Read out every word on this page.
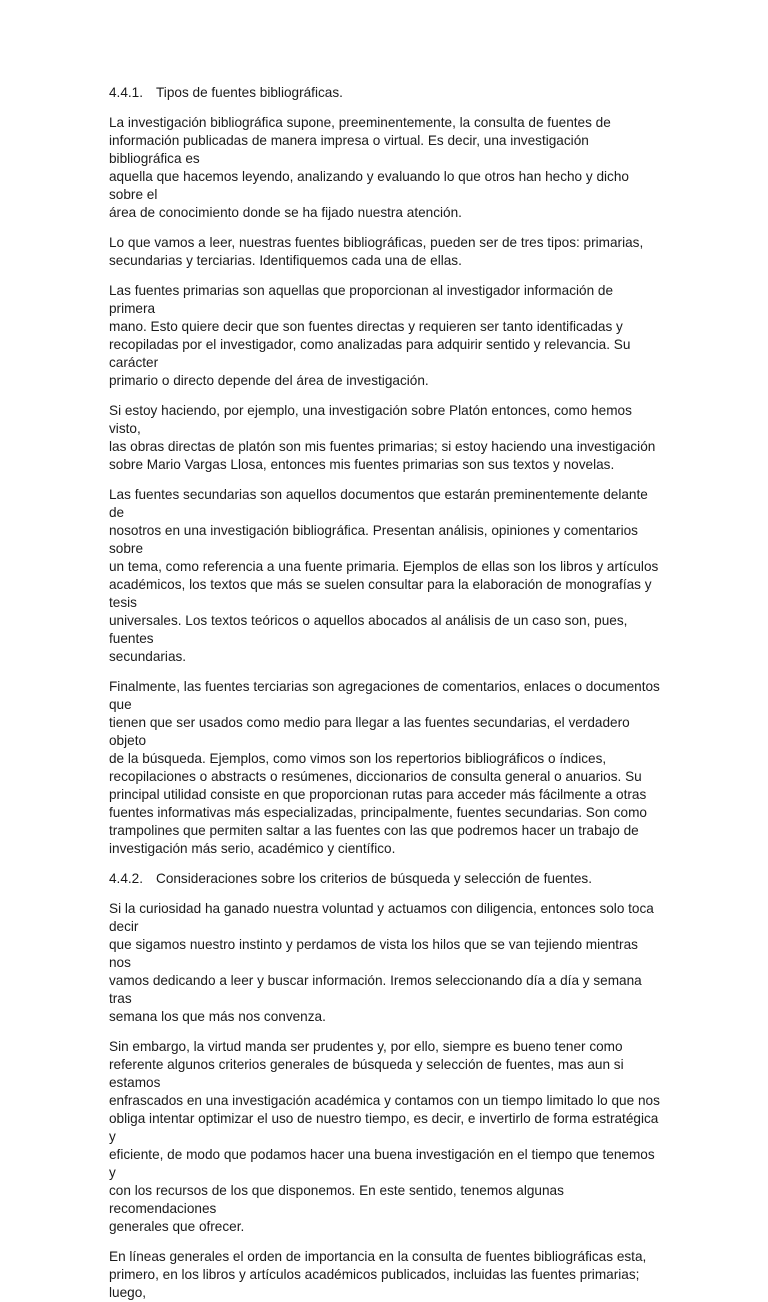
4.4.1. Tipos de fuentes bibliográficas.

La investigación bibliográfica supone, preeminentemente, la consulta de fuentes de
información publicadas de manera impresa o virtual. Es decir, una investigación bibliográfica es
aquella que hacemos leyendo, analizando y evaluando lo que otros han hecho y dicho sobre el
área de conocimiento donde se ha fijado nuestra atención.

Lo que vamos a leer, nuestras fuentes bibliográficas, pueden ser de tres tipos: primarias,
secundarias y terciarias. Identifiquemos cada una de ellas.

Las fuentes primarias son aquellas que proporcionan al investigador información de primera
mano. Esto quiere decir que son fuentes directas y requieren ser tanto identificadas y
recopiladas por el investigador, como analizadas para adquirir sentido y relevancia. Su carácter
primario o directo depende del área de investigación.

Si estoy haciendo, por ejemplo, una investigación sobre Platón entonces, como hemos visto,
las obras directas de platón son mis fuentes primarias; si estoy haciendo una investigación
sobre Mario Vargas Llosa, entonces mis fuentes primarias son sus textos y novelas.

Las fuentes secundarias son aquellos documentos que estarán preminentemente delante de
nosotros en una investigación bibliográfica. Presentan análisis, opiniones y comentarios sobre
un tema, como referencia a una fuente primaria. Ejemplos de ellas son los libros y artículos
académicos, los textos que más se suelen consultar para la elaboración de monografías y tesis
universales. Los textos teóricos o aquellos abocados al análisis de un caso son, pues, fuentes
secundarias.

Finalmente, las fuentes terciarias son agregaciones de comentarios, enlaces o documentos que
tienen que ser usados como medio para llegar a las fuentes secundarias, el verdadero objeto
de la búsqueda. Ejemplos, como vimos son los repertorios bibliográficos o índices,
recopilaciones o abstracts o resúmenes, diccionarios de consulta general o anuarios. Su
principal utilidad consiste en que proporcionan rutas para acceder más fácilmente a otras
fuentes informativas más especializadas, principalmente, fuentes secundarias. Son como
trampolines que permiten saltar a las fuentes con las que podremos hacer un trabajo de
investigación más serio, académico y científico.

4.4.2. Consideraciones sobre los criterios de búsqueda y selección de fuentes.

Si la curiosidad ha ganado nuestra voluntad y actuamos con diligencia, entonces solo toca decir
que sigamos nuestro instinto y perdamos de vista los hilos que se van tejiendo mientras nos
vamos dedicando a leer y buscar información. Iremos seleccionando día a día y semana tras
semana los que más nos convenza.

Sin embargo, la virtud manda ser prudentes y, por ello, siempre es bueno tener como
referente algunos criterios generales de búsqueda y selección de fuentes, mas aun si estamos
enfrascados en una investigación académica y contamos con un tiempo limitado lo que nos
obliga intentar optimizar el uso de nuestro tiempo, es decir, e invertirlo de forma estratégica y
eficiente, de modo que podamos hacer una buena investigación en el tiempo que tenemos y
con los recursos de los que disponemos. En este sentido, tenemos algunas recomendaciones
generales que ofrecer.

En líneas generales el orden de importancia en la consulta de fuentes bibliográficas esta,
primero, en los libros y artículos académicos publicados, incluidas las fuentes primarias; luego,
